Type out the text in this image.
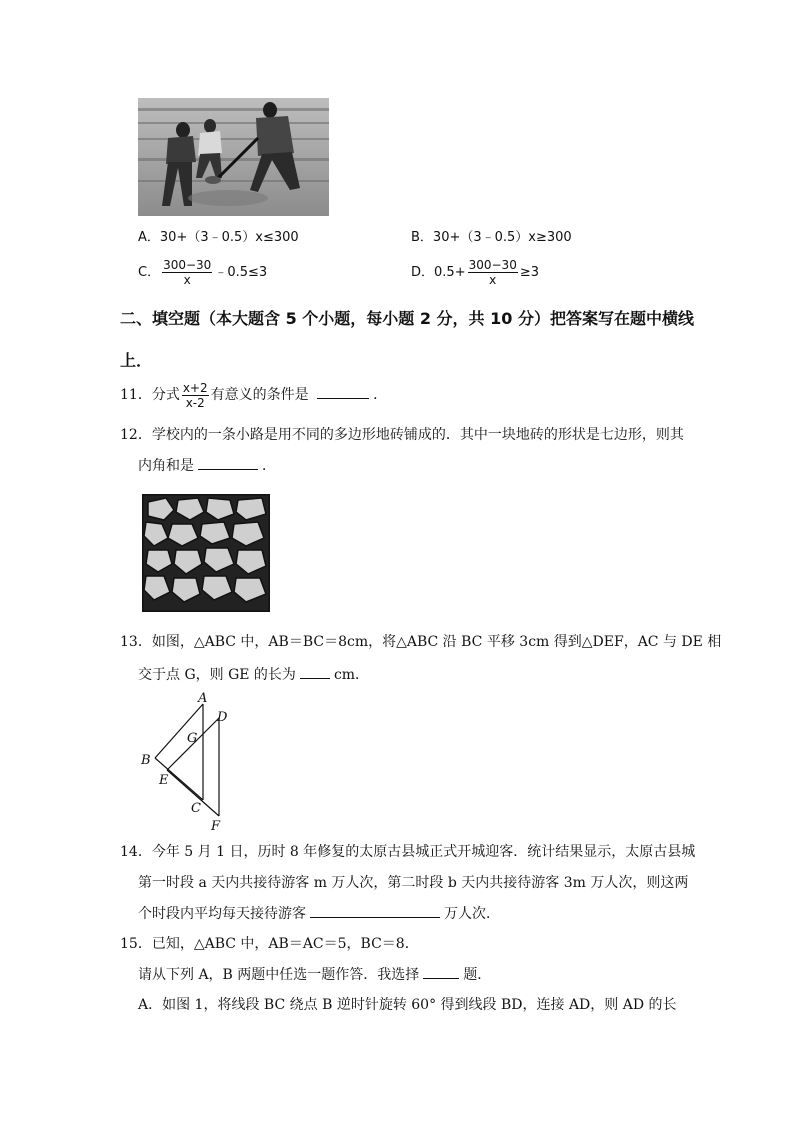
A．30+（3﹣0.5）x≤300	B．30+（3﹣0.5）x≥300
C． $\frac{300-30}{x}$ ﹣0.5≤3	D．$0.5+ \frac{300-30}{x} \ge 3$
二、填空题（本大题含 5 个小题，每小题 2 分，共 10 分）把答案写在题中横线
上．
11．分式 $\frac{x+2}{x-2}$ 有意义的条件是	．
12．学校内的一条小路是用不同的多边形地砖铺成的．其中一块地砖的形状是七边形，则其
内角和是	．
13．如图，△ABC 中，AB＝BC＝8cm，将△ABC 沿 BC 平移 3cm 得到△DEF，AC 与 DE 相
交于点 G，则 GE 的长为	cm．
A
D
G
B
E
C
F
14．今年 5 月 1 日，历时 8 年修复的太原古县城正式开城迎客．统计结果显示，太原古县城
第一时段 a 天内共接待游客 m 万人次，第二时段 b 天内共接待游客 3m 万人次，则这两
个时段内平均每天接待游客	万人次．
15．已知，△ABC 中，AB＝AC＝5，BC＝8．
请从下列 A，B 两题中任选一题作答．我选择	题．
A．如图 1，将线段 BC 绕点 B 逆时针旋转 60° 得到线段 BD，连接 AD，则 AD 的长
